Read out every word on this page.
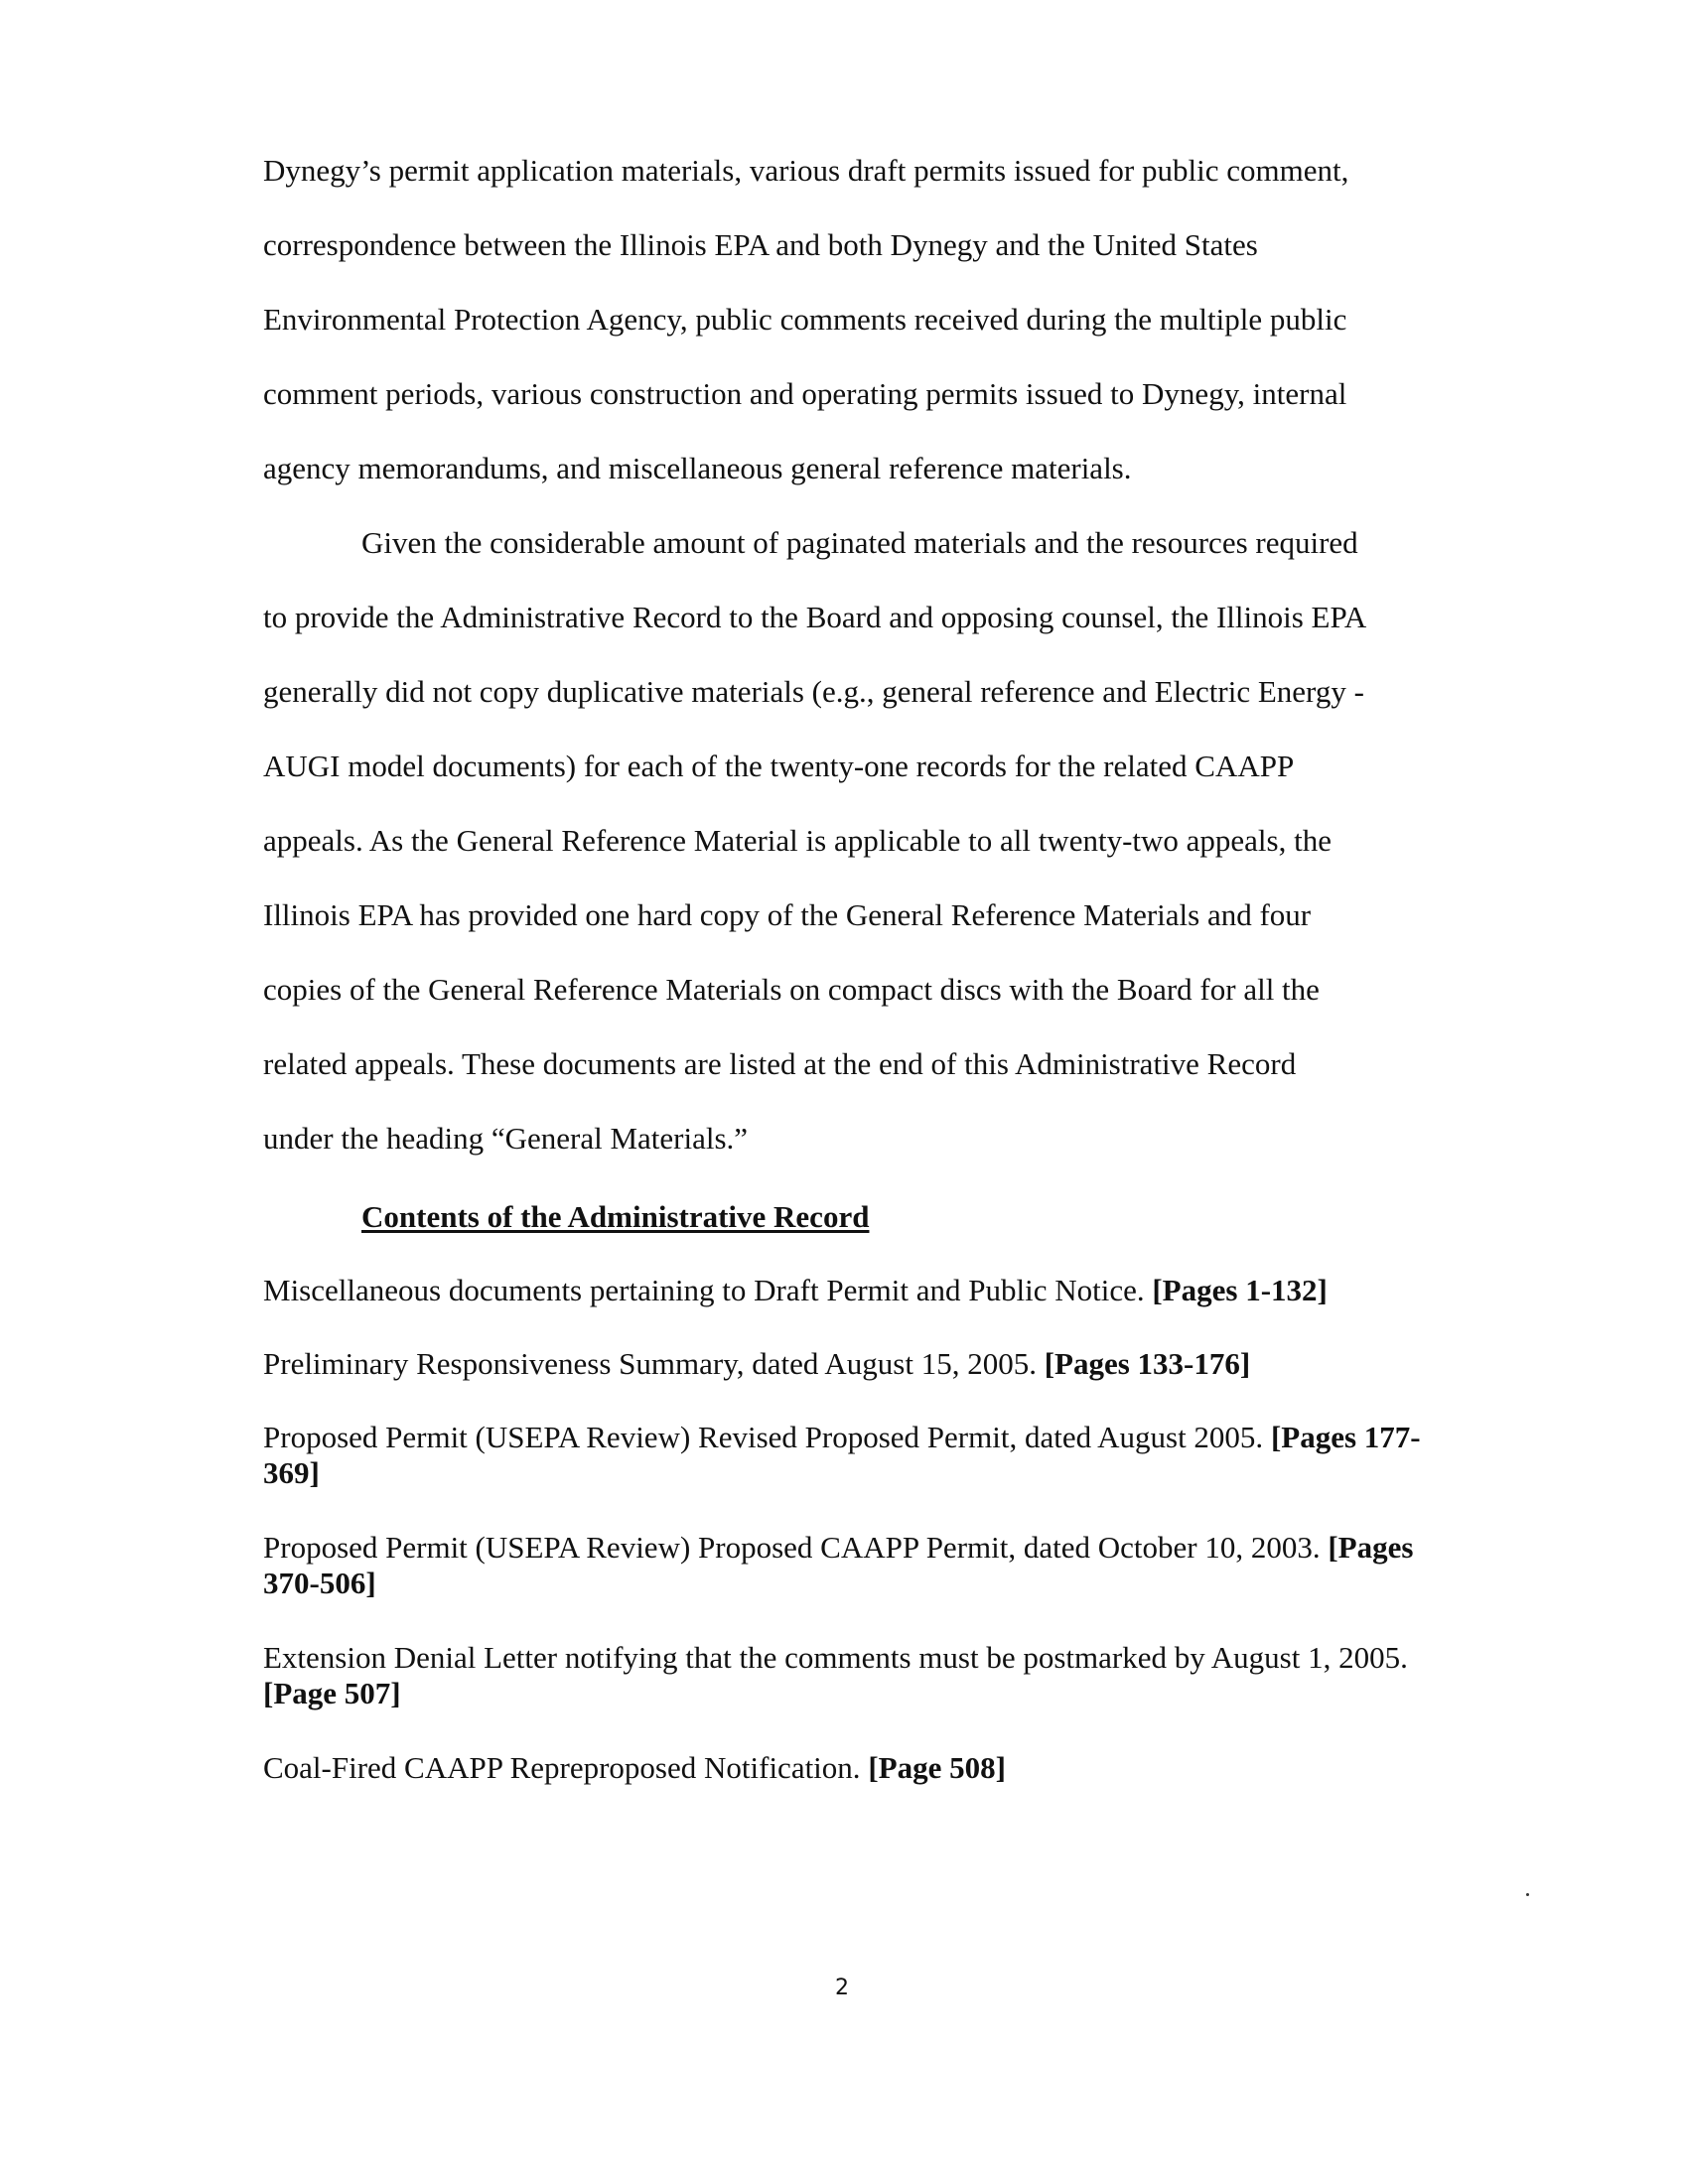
Dynegy’s permit application materials, various draft permits issued for public comment,

correspondence between the Illinois EPA and both Dynegy and the United States

Environmental Protection Agency, public comments received during the multiple public

comment periods, various construction and operating permits issued to Dynegy, internal

agency memorandums, and miscellaneous general reference materials.

Given the considerable amount of paginated materials and the resources required

to provide the Administrative Record to the Board and opposing counsel, the Illinois EPA

generally did not copy duplicative materials (e.g., general reference and Electric Energy -

AUGI model documents) for each of the twenty-one records for the related CAAPP

appeals. As the General Reference Material is applicable to all twenty-two appeals, the

Illinois EPA has provided one hard copy of the General Reference Materials and four

copies of the General Reference Materials on compact discs with the Board for all the

related appeals. These documents are listed at the end of this Administrative Record

under the heading “General Materials.”

Contents of the Administrative Record

Miscellaneous documents pertaining to Draft Permit and Public Notice. [Pages 1-132]

Preliminary Responsiveness Summary, dated August 15, 2005. [Pages 133-176]

Proposed Permit (USEPA Review) Revised Proposed Permit, dated August 2005. [Pages 177-369]

Proposed Permit (USEPA Review) Proposed CAAPP Permit, dated October 10, 2003. [Pages 370-506]

Extension Denial Letter notifying that the comments must be postmarked by August 1, 2005. [Page 507]

Coal-Fired CAAPP Repreproposed Notification. [Page 508]

2
